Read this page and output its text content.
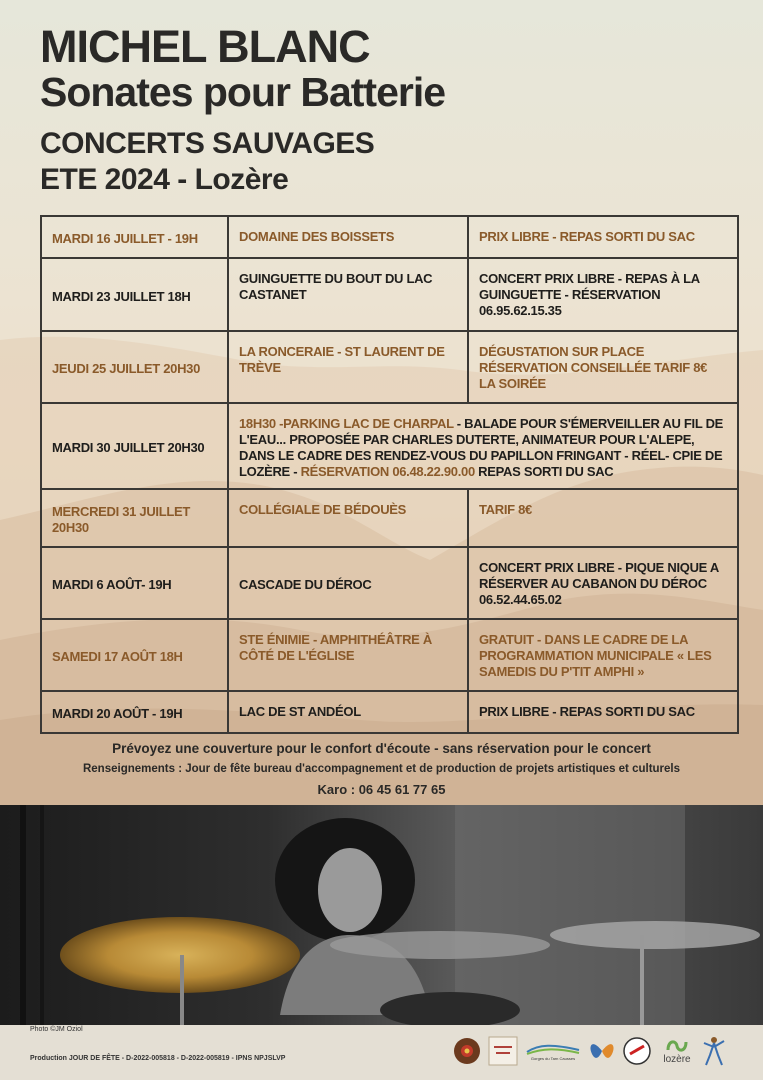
MICHEL BLANC
Sonates pour Batterie
CONCERTS SAUVAGES
ETE 2024 - Lozère
MARDI 16 JUILLET - 19H	DOMAINE DES BOISSETS	PRIX LIBRE - REPAS SORTI DU SAC
MARDI 23 JUILLET 18H	GUINGUETTE DU BOUT DU LAC CASTANET	CONCERT PRIX LIBRE - REPAS À LA GUINGUETTE - RÉSERVATION 06.95.62.15.35
JEUDI 25 JUILLET 20H30	LA RONCERAIE - ST LAURENT DE TRÈVE	DÉGUSTATION SUR PLACE RÉSERVATION CONSEILLÉE TARIF 8€ LA SOIRÉE
MARDI 30 JUILLET 20H30	18H30 -PARKING LAC DE CHARPAL - BALADE POUR S'ÉMERVEILLER AU FIL DE L'EAU... PROPOSÉE PAR CHARLES DUTERTE, ANIMATEUR POUR L'ALEPE, DANS LE CADRE DES RENDEZ-VOUS DU PAPILLON FRINGANT - RÉEL- CPIE DE LOZÈRE - RÉSERVATION 06.48.22.90.00 REPAS SORTI DU SAC	
MERCREDI 31 JUILLET 20H30	COLLÉGIALE DE BÉDOUÈS	TARIF 8€
MARDI 6 AOÛT- 19H	CASCADE DU DÉROC	CONCERT PRIX LIBRE - PIQUE NIQUE A RÉSERVER AU CABANON DU DÉROC 06.52.44.65.02
SAMEDI 17 AOÛT 18H	STE ÉNIMIE - AMPHITHÉÂTRE À CÔTÉ DE L'ÉGLISE	GRATUIT - DANS LE CADRE DE LA PROGRAMMATION MUNICIPALE « LES SAMEDIS DU P'TIT AMPHI »
MARDI 20 AOÛT - 19H	LAC DE ST ANDÉOL	PRIX LIBRE - REPAS SORTI DU SAC
Prévoyez une couverture pour le confort d'écoute - sans réservation pour le concert
Renseignements : Jour de fête bureau d'accompagnement et de production de projets artistiques et culturels
Karo : 06 45 61 77 65
Photo ©JM Oziol
Production JOUR DE FÊTE - D-2022-005818 - D-2022-005819 - IPNS NPJSLVP	Gorges du Tarn Causses	lozère
